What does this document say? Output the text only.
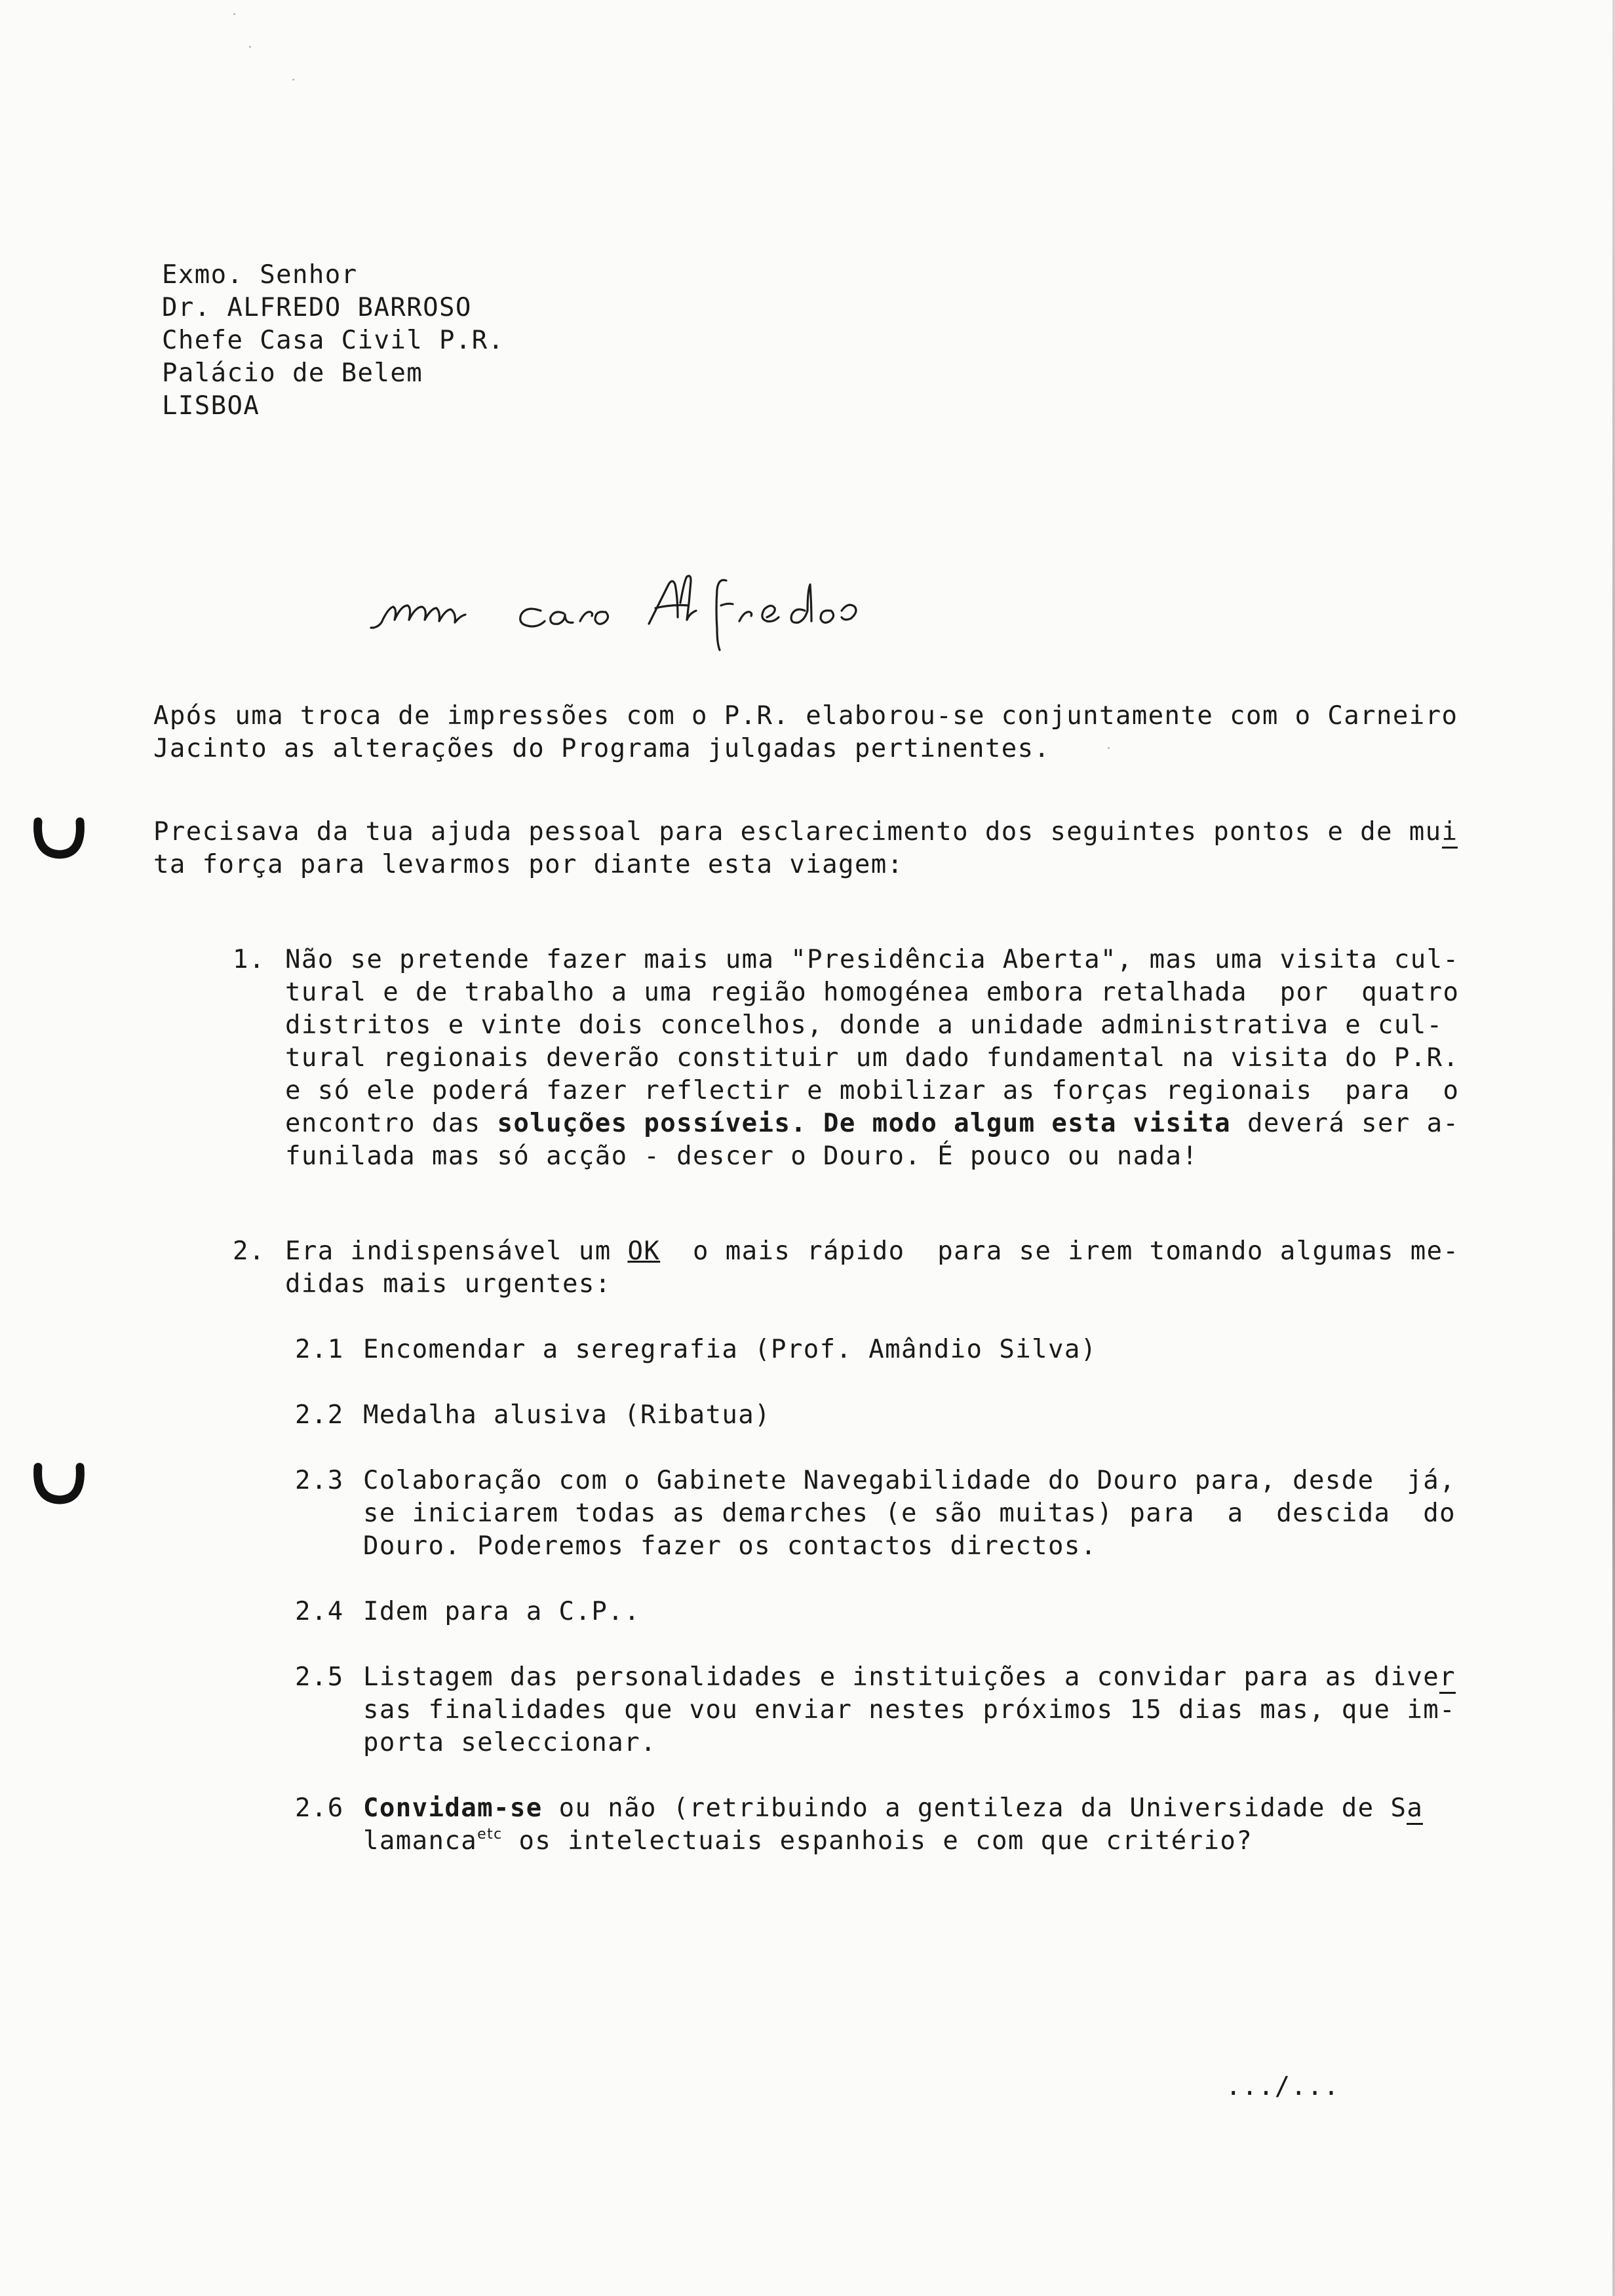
Exmo. Senhor
Dr. ALFREDO BARROSO
Chefe Casa Civil P.R.
Palácio de Belem
LISBOA
Após uma troca de impressões com o P.R. elaborou-se conjuntamente com o Carneiro
Jacinto as alterações do Programa julgadas pertinentes.
Precisava da tua ajuda pessoal para esclarecimento dos seguintes pontos e de mui
ta força para levarmos por diante esta viagem:
1. Não se pretende fazer mais uma "Presidência Aberta", mas uma visita cul-
tural e de trabalho a uma região homogénea embora retalhada  por  quatro
distritos e vinte dois concelhos, donde a unidade administrativa e cul-
tural regionais deverão constituir um dado fundamental na visita do P.R.
e só ele poderá fazer reflectir e mobilizar as forças regionais  para  o
encontro das soluções possíveis. De modo algum esta visita deverá ser a-
funilada mas só acção - descer o Douro. É pouco ou nada!
2. Era indispensável um OK  o mais rápido  para se irem tomando algumas me-
didas mais urgentes:
2.1 Encomendar a seregrafia (Prof. Amândio Silva)
2.2 Medalha alusiva (Ribatua)
2.3 Colaboração com o Gabinete Navegabilidade do Douro para, desde  já,
se iniciarem todas as demarches (e são muitas) para  a  descida  do
Douro. Poderemos fazer os contactos directos.
2.4 Idem para a C.P..
2.5 Listagem das personalidades e instituições a convidar para as diver
sas finalidades que vou enviar nestes próximos 15 dias mas, que im-
porta seleccionar.
2.6 Convidam-se ou não (retribuindo a gentileza da Universidade de Sa
lamanca$^{etc}$ os intelectuais espanhois e com que critério?
.../...
